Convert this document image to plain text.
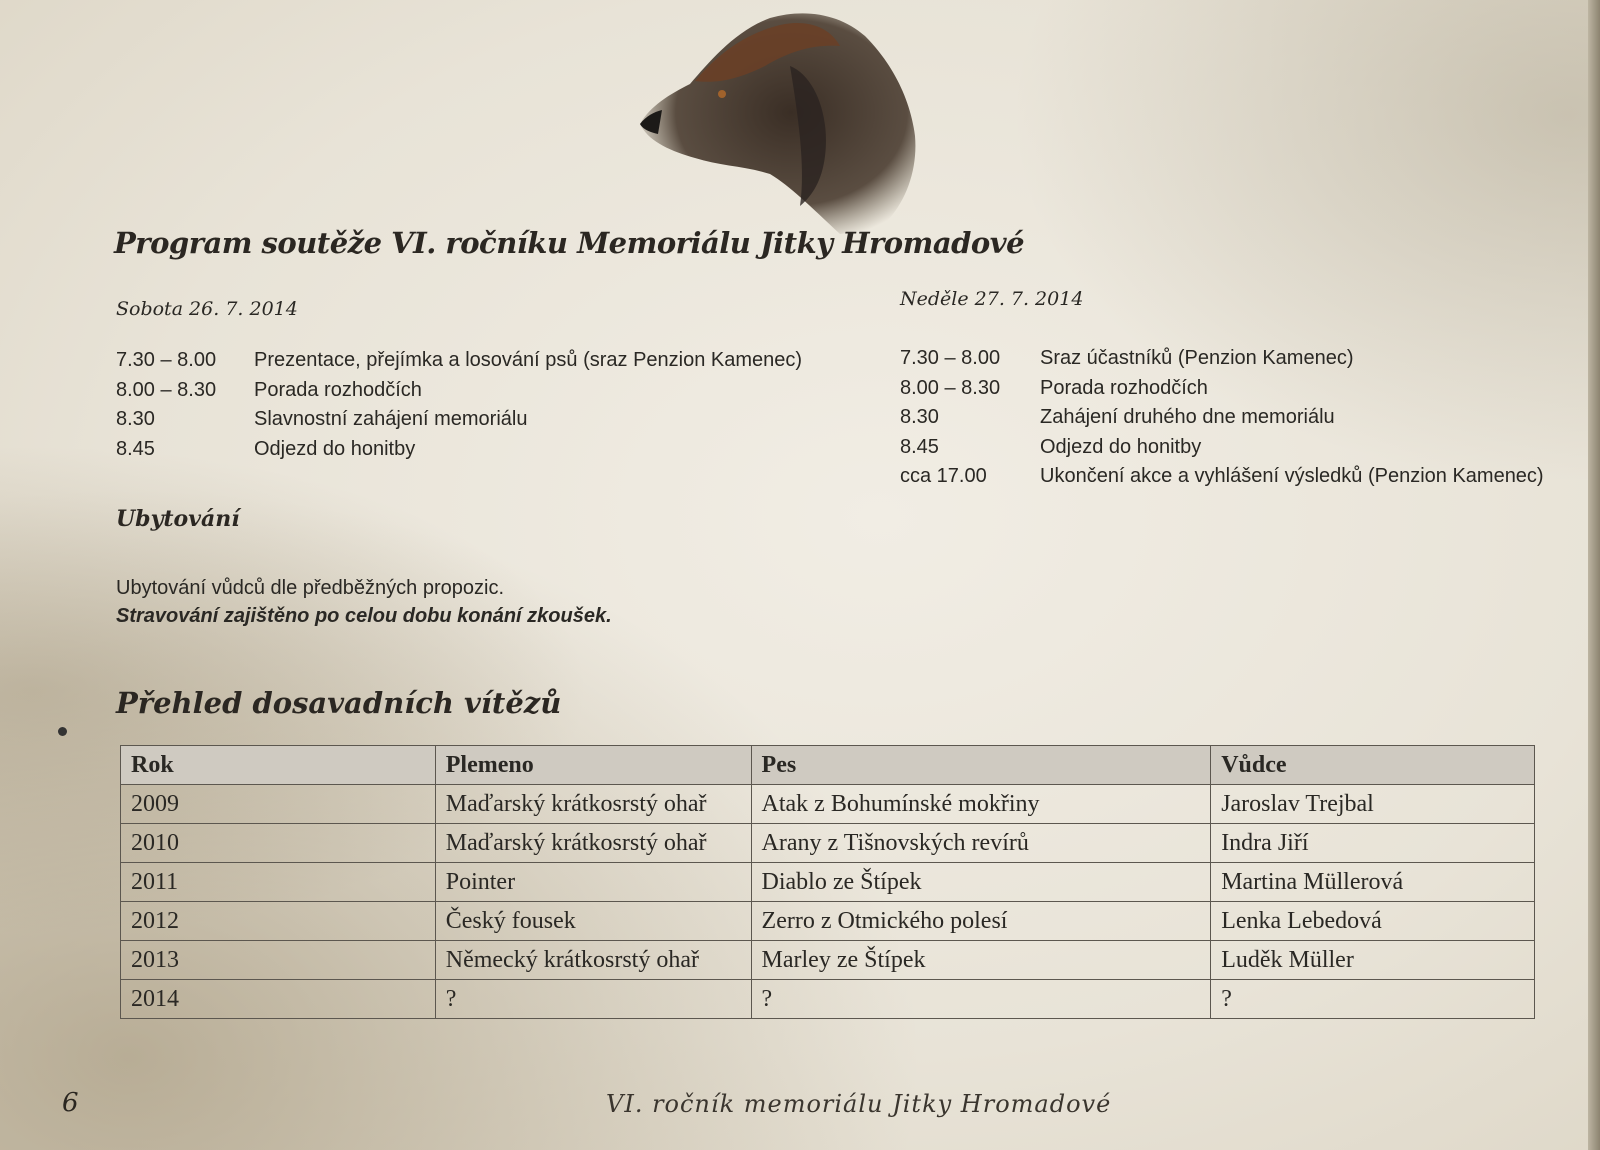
Program soutěže VI. ročníku Memoriálu Jitky Hromadové
Sobota 26. 7. 2014
7.30 – 8.00	Prezentace, přejímka a losování psů (sraz Penzion Kamenec)
8.00 – 8.30	Porada rozhodčích
8.30	Slavnostní zahájení memoriálu
8.45	Odjezd do honitby
Neděle 27. 7. 2014
7.30 – 8.00	Sraz účastníků (Penzion Kamenec)
8.00 – 8.30	Porada rozhodčích
8.30	Zahájení druhého dne memoriálu
8.45	Odjezd do honitby
cca 17.00	Ukončení akce a vyhlášení výsledků (Penzion Kamenec)
Ubytování
Ubytování vůdců dle předběžných propozic.
Stravování zajištěno po celou dobu konání zkoušek.
Přehled dosavadních vítězů
Rok	Plemeno	Pes	Vůdce
2009	Maďarský krátkosrstý ohař	Atak z Bohumínské mokřiny	Jaroslav Trejbal
2010	Maďarský krátkosrstý ohař	Arany z Tišnovských revírů	Indra Jiří
2011	Pointer	Diablo ze Štípek	Martina Müllerová
2012	Český fousek	Zerro z Otmického polesí	Lenka Lebedová
2013	Německý krátkosrstý ohař	Marley ze Štípek	Luděk Müller
2014	?	?	?
6	VI. ročník memoriálu Jitky Hromadové
